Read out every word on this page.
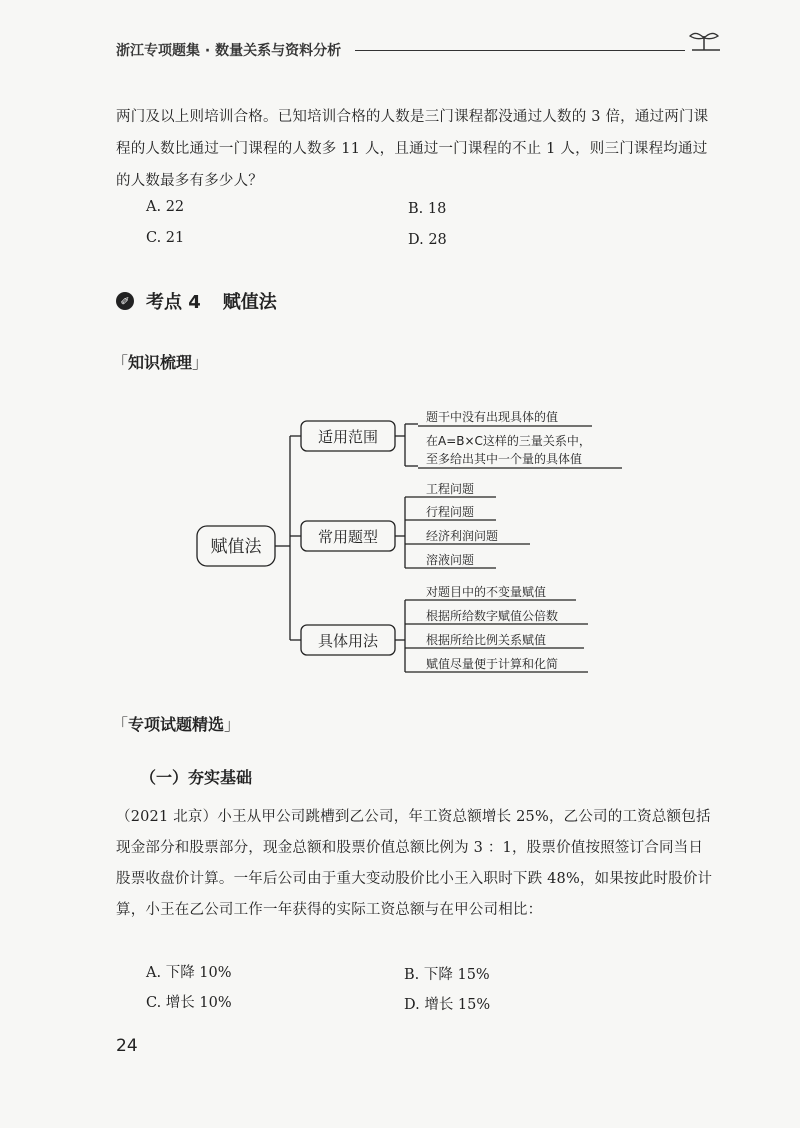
浙江专项题集 · 数量关系与资料分析
两门及以上则培训合格。已知培训合格的人数是三门课程都没通过人数的 3 倍，通过两门课程的人数比通过一门课程的人数多 11 人，且通过一门课程的不止 1 人，则三门课程均通过的人数最多有多少人？
A. 22	B. 18
C. 21	D. 28
✐ 考点 4 赋值法
「知识梳理」
赋值法
适用范围
常用题型
具体用法
题干中没有出现具体的值
在A=B×C这样的三量关系中，
至多给出其中一个量的具体值
工程问题
行程问题
经济利润问题
溶液问题
对题目中的不变量赋值
根据所给数字赋值公倍数
根据所给比例关系赋值
赋值尽量便于计算和化简
「专项试题精选」
（一）夯实基础
（2021 北京）小王从甲公司跳槽到乙公司，年工资总额增长 25%，乙公司的工资总额包括现金部分和股票部分，现金总额和股票价值总额比例为 3 ：1，股票价值按照签订合同当日股票收盘价计算。一年后公司由于重大变动股价比小王入职时下跌 48%，如果按此时股价计算，小王在乙公司工作一年获得的实际工资总额与在甲公司相比：
A. 下降 10%	B. 下降 15%
C. 增长 10%	D. 增长 15%
24
